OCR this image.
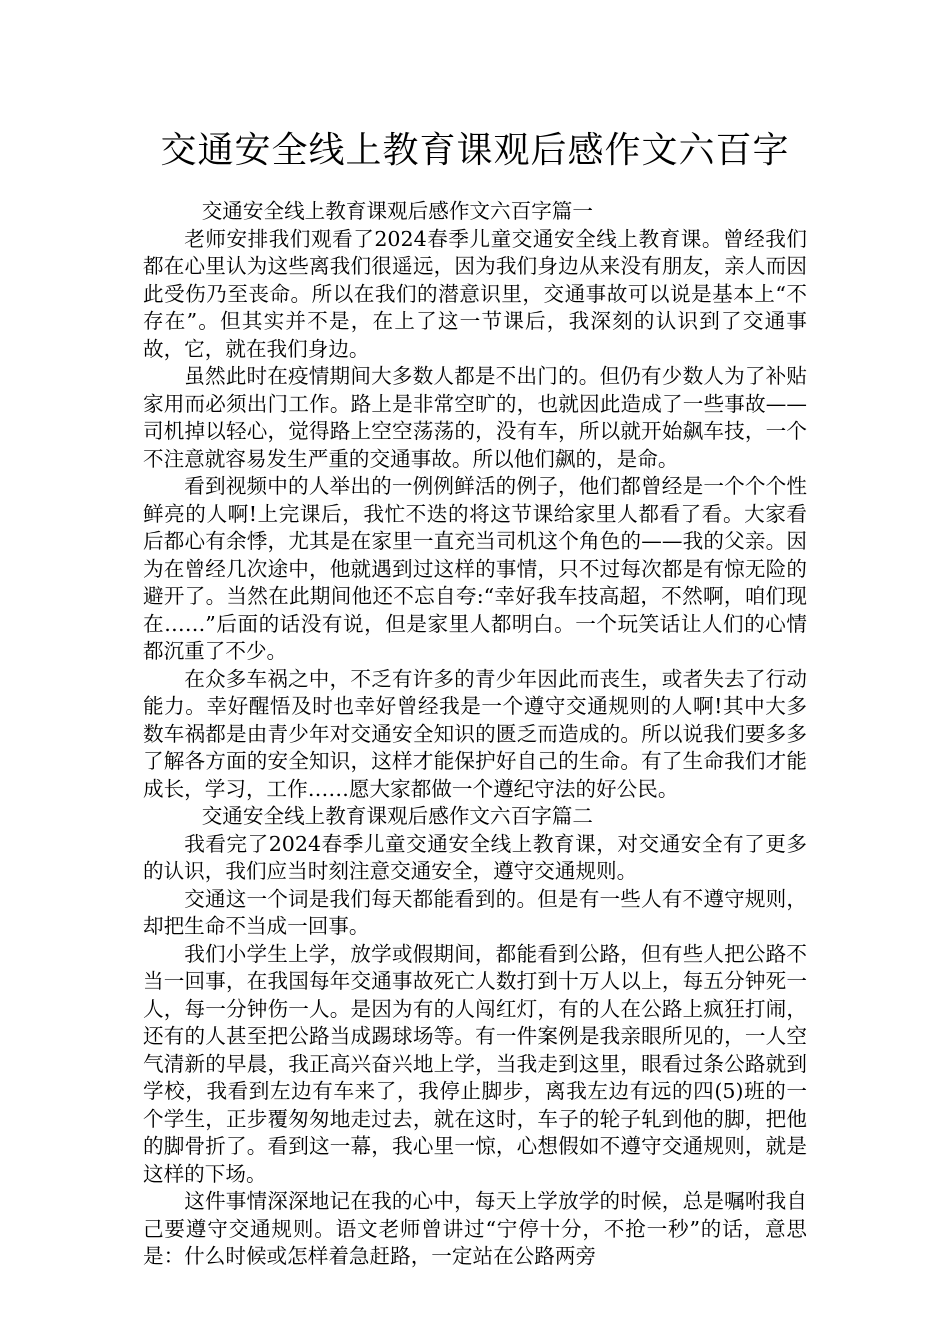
交通安全线上教育课观后感作文六百字

交通安全线上教育课观后感作文六百字篇一

老师安排我们观看了2024春季儿童交通安全线上教育课。曾经我们都在心里认为这些离我们很遥远，因为我们身边从来没有朋友，亲人而因此受伤乃至丧命。所以在我们的潜意识里，交通事故可以说是基本上“不存在”。但其实并不是，在上了这一节课后，我深刻的认识到了交通事故，它，就在我们身边。

虽然此时在疫情期间大多数人都是不出门的。但仍有少数人为了补贴家用而必须出门工作。路上是非常空旷的，也就因此造成了一些事故——司机掉以轻心，觉得路上空空荡荡的，没有车，所以就开始飙车技，一个不注意就容易发生严重的交通事故。所以他们飙的，是命。

看到视频中的人举出的一例例鲜活的例子，他们都曾经是一个个个性鲜亮的人啊!上完课后，我忙不迭的将这节课给家里人都看了看。大家看后都心有余悸，尤其是在家里一直充当司机这个角色的——我的父亲。因为在曾经几次途中，他就遇到过这样的事情，只不过每次都是有惊无险的避开了。当然在此期间他还不忘自夸:“幸好我车技高超，不然啊，咱们现在……”后面的话没有说，但是家里人都明白。一个玩笑话让人们的心情都沉重了不少。

在众多车祸之中，不乏有许多的青少年因此而丧生，或者失去了行动能力。幸好醒悟及时也幸好曾经我是一个遵守交通规则的人啊!其中大多数车祸都是由青少年对交通安全知识的匮乏而造成的。所以说我们要多多了解各方面的安全知识，这样才能保护好自己的生命。有了生命我们才能成长，学习，工作……愿大家都做一个遵纪守法的好公民。

交通安全线上教育课观后感作文六百字篇二

我看完了2024春季儿童交通安全线上教育课，对交通安全有了更多的认识，我们应当时刻注意交通安全，遵守交通规则。

交通这一个词是我们每天都能看到的。但是有一些人有不遵守规则，却把生命不当成一回事。

我们小学生上学，放学或假期间，都能看到公路，但有些人把公路不当一回事，在我国每年交通事故死亡人数打到十万人以上，每五分钟死一人，每一分钟伤一人。是因为有的人闯红灯，有的人在公路上疯狂打闹，还有的人甚至把公路当成踢球场等。有一件案例是我亲眼所见的，一人空气清新的早晨，我正高兴奋兴地上学，当我走到这里，眼看过条公路就到学校，我看到左边有车来了，我停止脚步，离我左边有远的四(5)班的一个学生，正步覆匆匆地走过去，就在这时，车子的轮子轧到他的脚，把他的脚骨折了。看到这一幕，我心里一惊，心想假如不遵守交通规则，就是这样的下场。

这件事情深深地记在我的心中，每天上学放学的时候，总是嘱咐我自己要遵守交通规则。语文老师曾讲过“宁停十分，不抢一秒”的话，意思是：什么时候或怎样着急赶路，一定站在公路两旁
